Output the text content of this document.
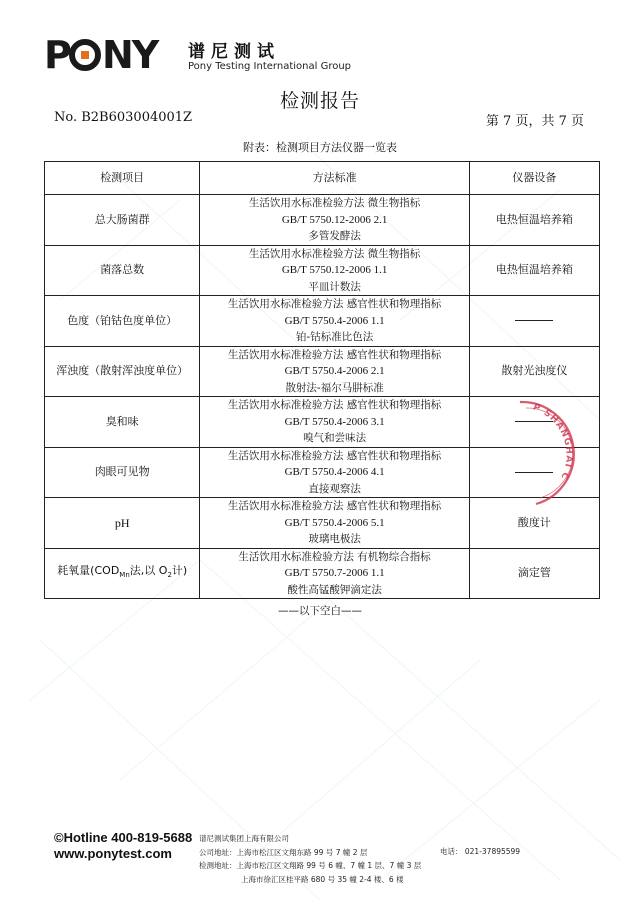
P NY 谱尼测试
Pony Testing International Group
检测报告
No. B2B603004001Z	第 7 页，共 7 页
附表：检测项目方法仪器一览表
检测项目	方法标准	仪器设备
总大肠菌群	生活饮用水标准检验方法 微生物指标
GB/T 5750.12-2006 2.1
多管发酵法	电热恒温培养箱
菌落总数	生活饮用水标准检验方法 微生物指标
GB/T 5750.12-2006 1.1
平皿计数法	电热恒温培养箱
色度（铂钴色度单位）	生活饮用水标准检验方法 感官性状和物理指标
GB/T 5750.4-2006 1.1
铂-钴标准比色法	

浑浊度（散射浑浊度单位）	生活饮用水标准检验方法 感官性状和物理指标
GB/T 5750.4-2006 2.1
散射法-福尔马肼标准	散射光浊度仪
臭和味	生活饮用水标准检验方法 感官性状和物理指标
GB/T 5750.4-2006 3.1
嗅气和尝味法	

肉眼可见物	生活饮用水标准检验方法 感官性状和物理指标
GB/T 5750.4-2006 4.1
直接观察法	

pH	生活饮用水标准检验方法 感官性状和物理指标
GB/T 5750.4-2006 5.1
玻璃电极法	酸度计
耗氧量($COD_{Mn}$法,以 $O_2$计)	生活饮用水标准检验方法 有机物综合指标
GB/T 5750.7-2006 1.1
酸性高锰酸钾滴定法	滴定管
——以下空白——
P SHANGHAI C
©Hotline 400-819-5688
www.ponytest.com
谱尼测试集团上海有限公司
公司地址：上海市松江区文翔东路 99 号 7 幢 2 层
检测地址：上海市松江区文翔路 99 号 6 幢、7 幢 1 层、7 幢 3 层
上海市徐汇区桂平路 680 号 35 幢 2-4 楼、6 楼
电话： 021-37895599
